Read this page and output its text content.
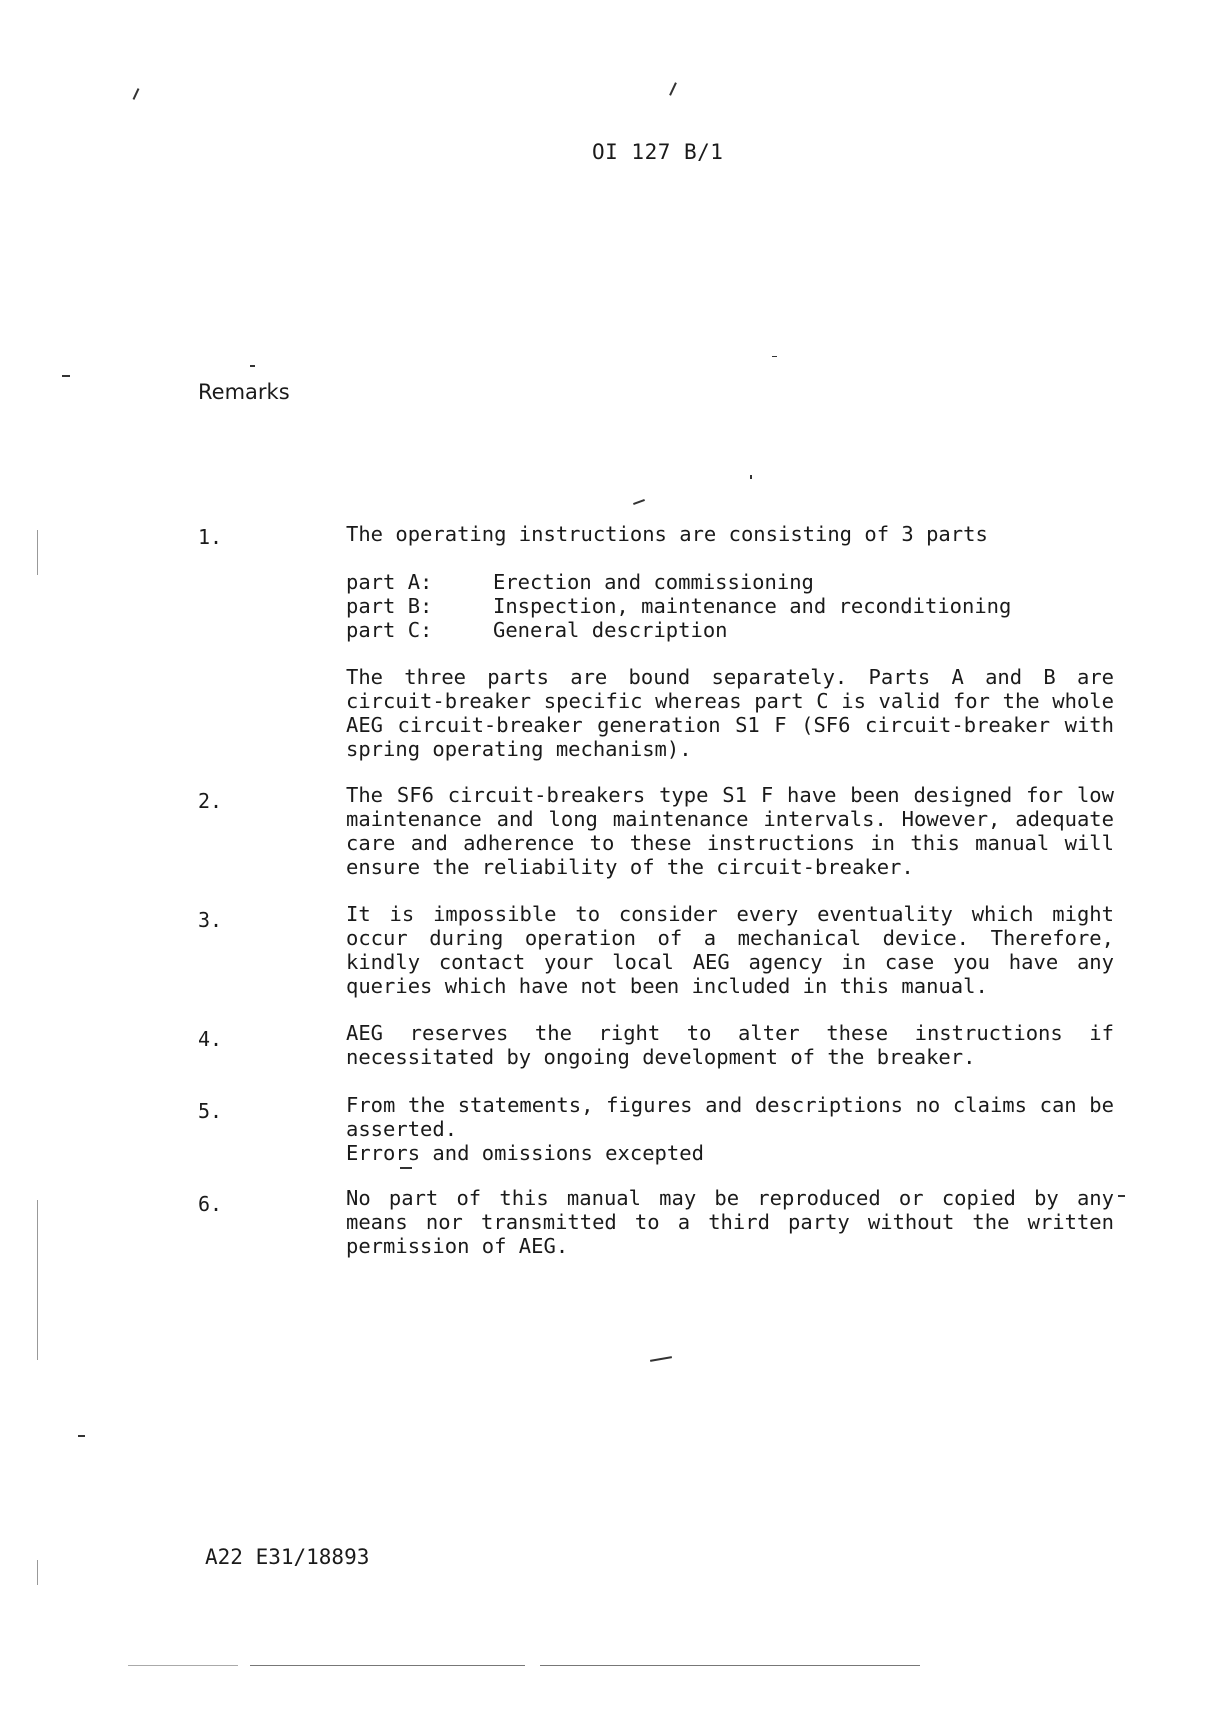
OI 127 B/1
Remarks
1.	The operating instructions are consisting of 3 parts
part A:	Erection and commissioning
part B:	Inspection, maintenance and reconditioning
part C:	General description
The three parts are bound separately. Parts A and B are circuit-breaker specific whereas part C is valid for the whole AEG circuit-breaker generation S1 F (SF6 circuit-breaker with spring operating mechanism).
2.	The SF6 circuit-breakers type S1 F have been designed for low maintenance and long maintenance intervals. However, adequate care and adherence to these instructions in this manual will ensure the reliability of the circuit-breaker.
3.	It is impossible to consider every eventuality which might occur during operation of a mechanical device. Therefore, kindly contact your local AEG agency in case you have any queries which have not been included in this manual.
4.	AEG reserves the right to alter these instructions if necessitated by ongoing development of the breaker.
5.	From the statements, figures and descriptions no claims can be asserted.
Errors and omissions excepted
6.	No part of this manual may be reproduced or copied by any means nor transmitted to a third party without the written permission of AEG.
A22 E31/18893
